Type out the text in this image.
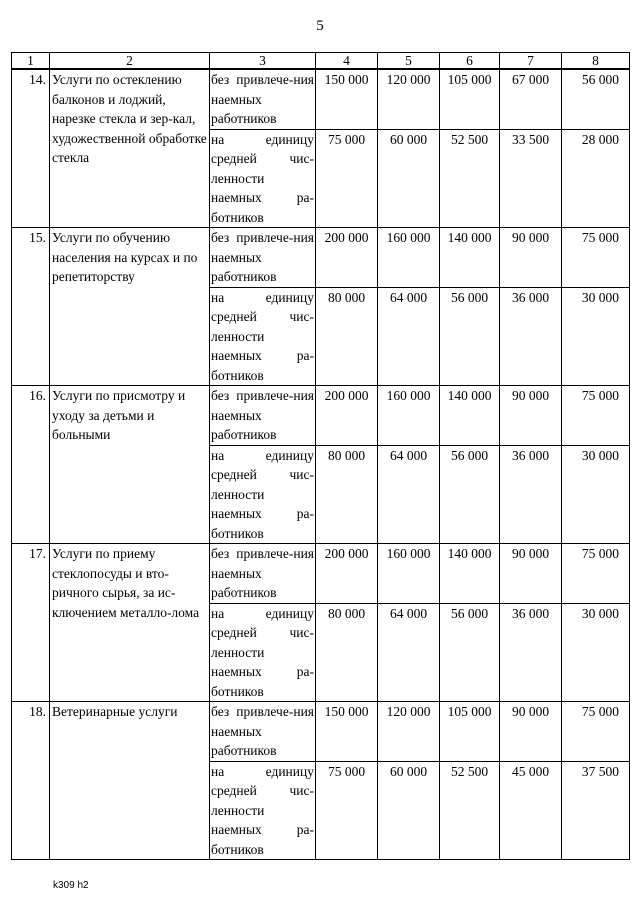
5
1	2	3	4	5	6	7	8
14.	Услуги по остеклению балконов и лоджий, нарезке стекла и зер-кал, художественной обработке стекла	без привлече-ния наемных работников	150 000	120 000	105 000	67 000	56 000
		на единицу средней чис-ленности наемных ра-ботников	75 000	60 000	52 500	33 500	28 000
15.	Услуги по обучению населения на курсах и по репетиторству	без привлече-ния наемных работников	200 000	160 000	140 000	90 000	75 000
		на единицу средней чис-ленности наемных ра-ботников	80 000	64 000	56 000	36 000	30 000
16.	Услуги по присмотру и уходу за детьми и больными	без привлече-ния наемных работников	200 000	160 000	140 000	90 000	75 000
		на единицу средней чис-ленности наемных ра-ботников	80 000	64 000	56 000	36 000	30 000
17.	Услуги по приему стеклопосуды и вто-ричного сырья, за ис-ключением металло-лома	без привлече-ния наемных работников	200 000	160 000	140 000	90 000	75 000
		на единицу средней чис-ленности наемных ра-ботников	80 000	64 000	56 000	36 000	30 000
18.	Ветеринарные услуги	без привлече-ния наемных работников	150 000	120 000	105 000	90 000	75 000
		на единицу средней чис-ленности наемных ра-ботников	75 000	60 000	52 500	45 000	37 500
k309 h2
